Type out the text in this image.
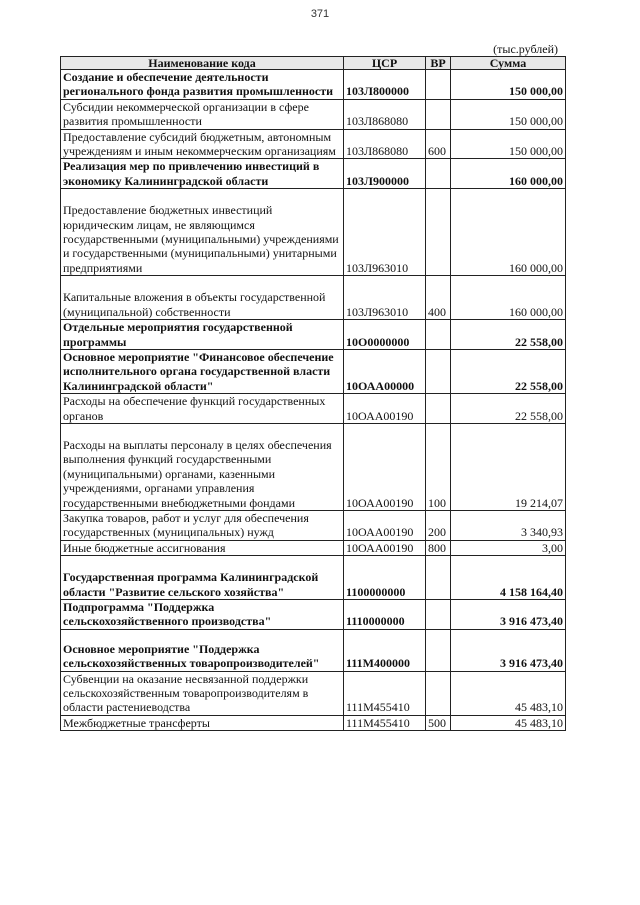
371
(тыс.рублей)
Наименование кода	ЦСР	ВР	Сумма
Создание и обеспечение деятельности регионального фонда развития промышленности	103Л800000		150 000,00
Субсидии некоммерческой организации в сфере развития промышленности	103Л868080		150 000,00
Предоставление субсидий бюджетным, автономным учреждениям и иным некоммерческим организациям	103Л868080	600	150 000,00
Реализация мер по привлечению инвестиций в экономику Калининградской области	103Л900000		160 000,00
Предоставление бюджетных инвестиций юридическим лицам, не являющимся государственными (муниципальными) учреждениями и государственными (муниципальными) унитарными предприятиями	103Л963010		160 000,00
Капитальные вложения в объекты государственной (муниципальной) собственности	103Л963010	400	160 000,00
Отдельные мероприятия государственной программы	10О0000000		22 558,00
Основное мероприятие "Финансовое обеспечение исполнительного органа государственной власти Калининградской области"	10ОАА00000		22 558,00
Расходы на обеспечение функций государственных органов	10ОАА00190		22 558,00
Расходы на выплаты персоналу в целях обеспечения выполнения функций государственными (муниципальными) органами, казенными учреждениями, органами управления государственными внебюджетными фондами	10ОАА00190	100	19 214,07
Закупка товаров, работ и услуг для обеспечения государственных (муниципальных) нужд	10ОАА00190	200	3 340,93
Иные бюджетные ассигнования	10ОАА00190	800	3,00
Государственная программа Калининградской области "Развитие сельского хозяйства"	1100000000		4 158 164,40
Подпрограмма "Поддержка сельскохозяйственного производства"	1110000000		3 916 473,40
Основное мероприятие "Поддержка сельскохозяйственных товаропроизводителей"	111М400000		3 916 473,40
Субвенции на оказание несвязанной поддержки сельскохозяйственным товаропроизводителям в области растениеводства	111М455410		45 483,10
Межбюджетные трансферты	111М455410	500	45 483,10
